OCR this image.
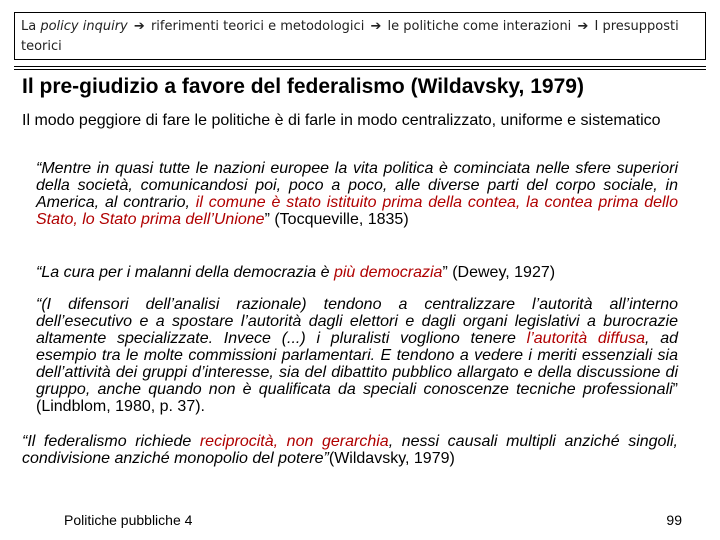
La policy inquiry ➔ riferimenti teorici e metodologici ➔ le politiche come interazioni ➔ I presupposti teorici
Il pre-giudizio a favore del federalismo (Wildavsky, 1979)

Il modo peggiore di fare le politiche è di farle in modo centralizzato, uniforme e sistematico

“Mentre in quasi tutte le nazioni europee la vita politica è cominciata nelle sfere superiori della società, comunicandosi poi, poco a poco, alle diverse parti del corpo sociale, in America, al contrario, il comune è stato istituito prima della contea, la contea prima dello Stato, lo Stato prima dell’Unione” (Tocqueville, 1835)

“La cura per i malanni della democrazia è più democrazia” (Dewey, 1927)

“(I difensori dell’analisi razionale) tendono a centralizzare l’autorità all’interno dell’esecutivo e a spostare l’autorità dagli elettori e dagli organi legislativi a burocrazie altamente specializzate. Invece (...) i pluralisti vogliono tenere l’autorità diffusa, ad esempio tra le molte commissioni parlamentari. E tendono a vedere i meriti essenziali sia dell’attività dei gruppi d’interesse, sia del dibattito pubblico allargato e della discussione di gruppo, anche quando non è qualificata da speciali conoscenze tecniche professionali” (Lindblom, 1980, p. 37).

“Il federalismo richiede reciprocità, non gerarchia, nessi causali multipli anziché singoli, condivisione anziché monopolio del potere”(Wildavsky, 1979)

Politiche pubbliche 4	99
